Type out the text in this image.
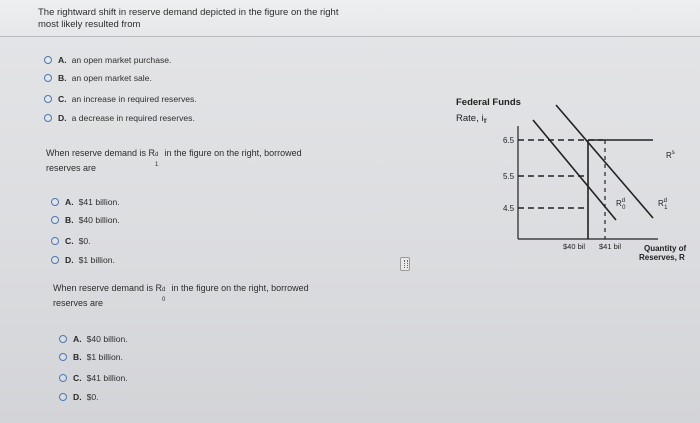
The rightward shift in reserve demand depicted in the figure on the right
most likely resulted from
A. an open market purchase.
B. an open market sale.
C. an increase in required reserves.
D. a decrease in required reserves.
When reserve demand is R d
1
in the figure on the right, borrowed
reserves are
A. $41 billion.
B. $40 billion.
C. $0.
D. $1 billion.
When reserve demand is R d
0
in the figure on the right, borrowed
reserves are
A. $40 billion.
B. $1 billion.
C. $41 billion.
D. $0.
Federal Funds
Rate, $i_{ff}$
6.5
5.5
4.5
$R^s$
$R^d$ 0	$R^d$ 1
$40 bil $41 bil	Quantity of
Reserves, R
